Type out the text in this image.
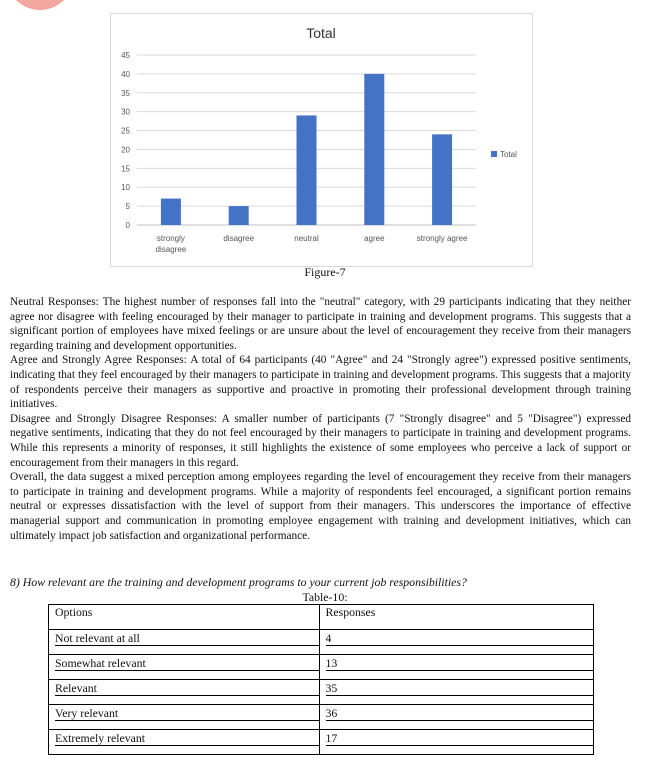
Total
0
5
10
15
20
25
30
35
40
45
strongly
disagree
disagree	neutral	agree	strongly agree
Total
Figure-7

Neutral Responses: The highest number of responses fall into the "neutral" category, with 29 participants indicating that they neither agree nor disagree with feeling encouraged by their manager to participate in training and development programs. This suggests that a significant portion of employees have mixed feelings or are unsure about the level of encouragement they receive from their managers regarding training and development opportunities.

Agree and Strongly Agree Responses: A total of 64 participants (40 "Agree" and 24 "Strongly agree") expressed positive sentiments, indicating that they feel encouraged by their managers to participate in training and development programs. This suggests that a majority of respondents perceive their managers as supportive and proactive in promoting their professional development through training initiatives.

Disagree and Strongly Disagree Responses: A smaller number of participants (7 "Strongly disagree" and 5 "Disagree") expressed negative sentiments, indicating that they do not feel encouraged by their managers to participate in training and development programs. While this represents a minority of responses, it still highlights the existence of some employees who perceive a lack of support or encouragement from their managers in this regard.

Overall, the data suggest a mixed perception among employees regarding the level of encouragement they receive from their managers to participate in training and development programs. While a majority of respondents feel encouraged, a significant portion remains neutral or expresses dissatisfaction with the level of support from their managers. This underscores the importance of effective managerial support and communication in promoting employee engagement with training and development initiatives, which can ultimately impact job satisfaction and organizational performance.

8) How relevant are the training and development programs to your current job responsibilities?
Table-10:
Options	Responses

Not relevant at all	4

Somewhat relevant	13

Relevant	35

Very relevant	36

Extremely relevant	17
